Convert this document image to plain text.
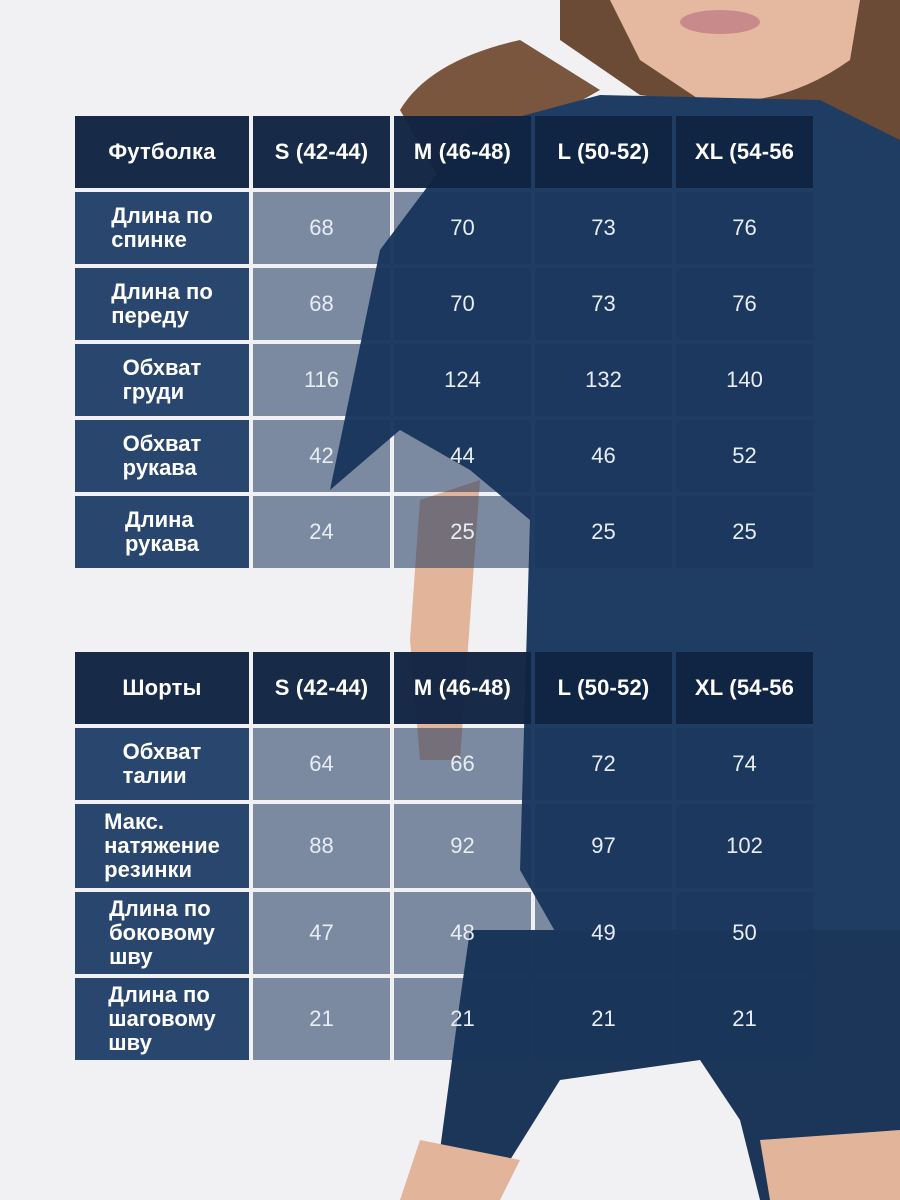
Футболка	S (42-44)	M (46-48)	L (50-52)	XL (54-56
Длина по
спинке	68	70	73	76
Длина по
переду	68	70	73	76
Обхват
груди	116	124	132	140
Обхват
рукава	42	44	46	52
Длина
рукава	24	25	25	25
Шорты	S (42-44)	M (46-48)	L (50-52)	XL (54-56
Обхват
талии	64	66	72	74
Макс.
натяжение
резинки
88	92	97	102
Длина по
боковому
шву
47	48	49	50
Длина по
шаговому
шву
21	21	21	21
